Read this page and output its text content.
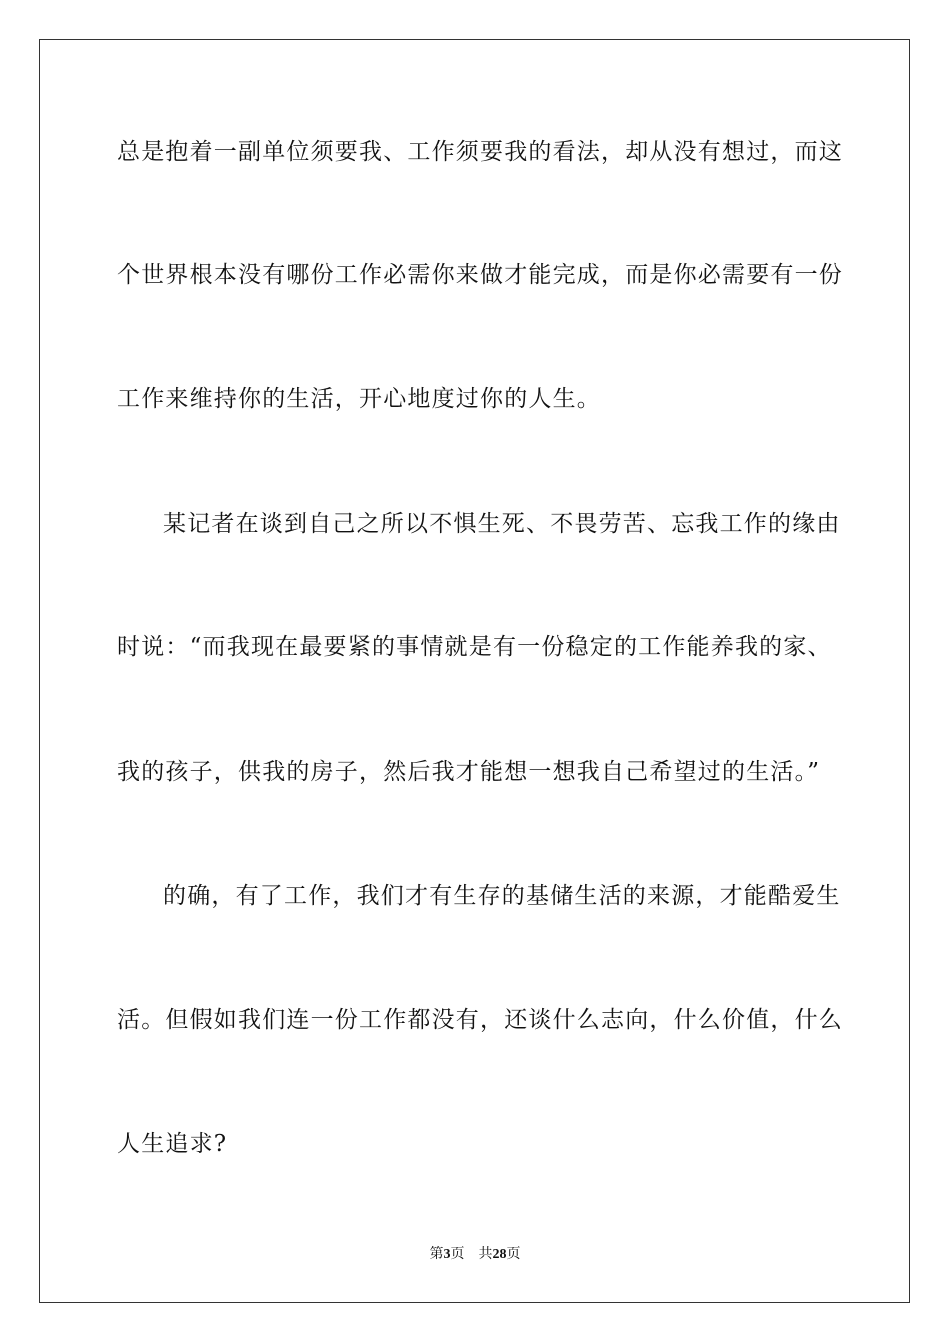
总是抱着一副单位须要我、工作须要我的看法，却从没有想过，而这
个世界根本没有哪份工作必需你来做才能完成，而是你必需要有一份
工作来维持你的生活，开心地度过你的人生。
某记者在谈到自己之所以不惧生死、不畏劳苦、忘我工作的缘由
时说：“而我现在最要紧的事情就是有一份稳定的工作能养我的家、
我的孩子，供我的房子，然后我才能想一想我自己希望过的生活。”
的确，有了工作，我们才有生存的基储生活的来源，才能酷爱生
活。但假如我们连一份工作都没有，还谈什么志向，什么价值，什么
人生追求?
第3页 共28页
